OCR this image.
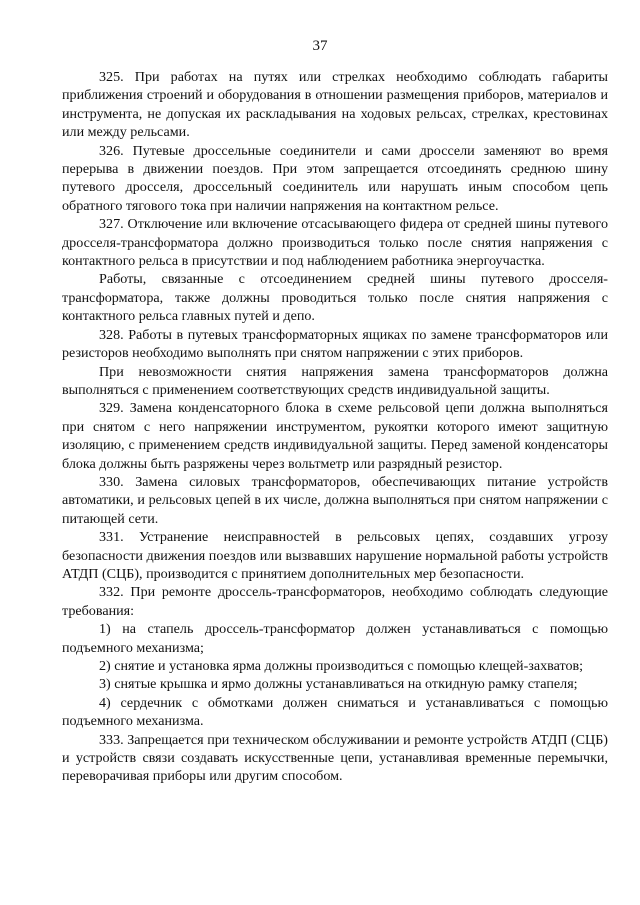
37

325. При работах на путях или стрелках необходимо соблюдать габариты приближения строений и оборудования в отношении размещения приборов, материалов и инструмента, не допуская их раскладывания на ходовых рельсах, стрелках, крестовинах или между рельсами.

326. Путевые дроссельные соединители и сами дроссели заменяют во время перерыва в движении поездов. При этом запрещается отсоединять среднюю шину путевого дросселя, дроссельный соединитель или нарушать иным способом цепь обратного тягового тока при наличии напряжения на контактном рельсе.

327. Отключение или включение отсасывающего фидера от средней шины путевого дросселя-трансформатора должно производиться только после снятия напряжения с контактного рельса в присутствии и под наблюдением работника энергоучастка.

Работы, связанные с отсоединением средней шины путевого дросселя-трансформатора, также должны проводиться только после снятия напряжения с контактного рельса главных путей и депо.

328. Работы в путевых трансформаторных ящиках по замене трансформаторов или резисторов необходимо выполнять при снятом напряжении с этих приборов.

При невозможности снятия напряжения замена трансформаторов должна выполняться с применением соответствующих средств индивидуальной защиты.

329. Замена конденсаторного блока в схеме рельсовой цепи должна выполняться при снятом с него напряжении инструментом, рукоятки которого имеют защитную изоляцию, с применением средств индивидуальной защиты. Перед заменой конденсаторы блока должны быть разряжены через вольтметр или разрядный резистор.

330. Замена силовых трансформаторов, обеспечивающих питание устройств автоматики, и рельсовых цепей в их числе, должна выполняться при снятом напряжении с питающей сети.

331. Устранение неисправностей в рельсовых цепях, создавших угрозу безопасности движения поездов или вызвавших нарушение нормальной работы устройств АТДП (СЦБ), производится с принятием дополнительных мер безопасности.

332. При ремонте дроссель-трансформаторов, необходимо соблюдать следующие требования:

1) на стапель дроссель-трансформатор должен устанавливаться с помощью подъемного механизма;

2) снятие и установка ярма должны производиться с помощью клещей-захватов;

3) снятые крышка и ярмо должны устанавливаться на откидную рамку стапеля;

4) сердечник с обмотками должен сниматься и устанавливаться с помощью подъемного механизма.

333. Запрещается при техническом обслуживании и ремонте устройств АТДП (СЦБ) и устройств связи создавать искусственные цепи, устанавливая временные перемычки, переворачивая приборы или другим способом.
